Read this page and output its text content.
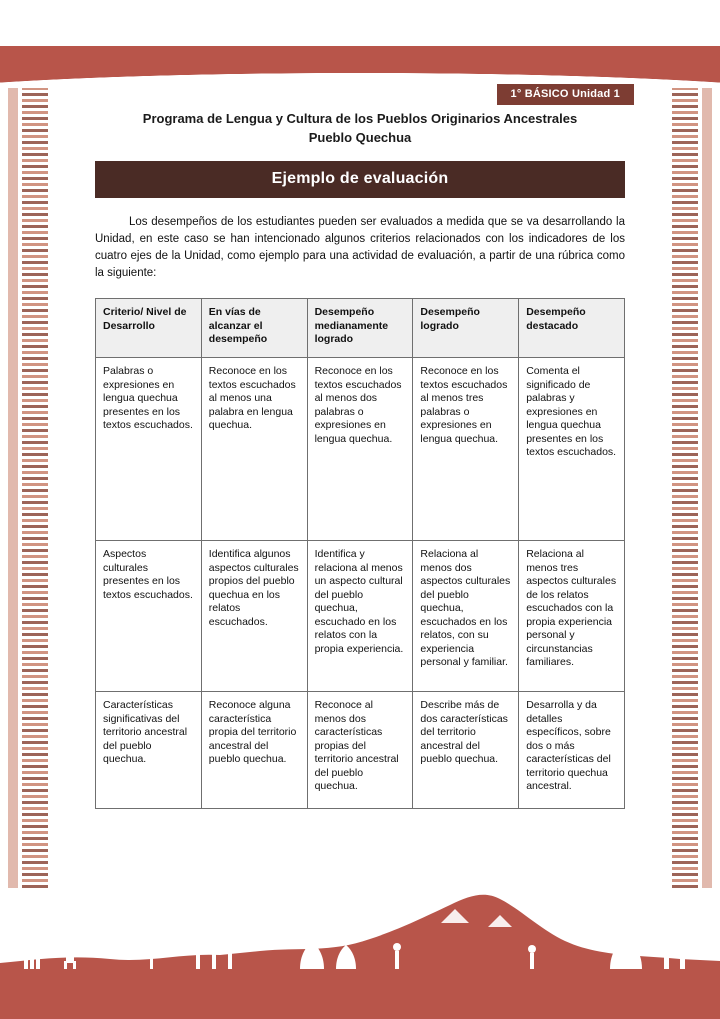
1° BÁSICO Unidad 1
Programa de Lengua y Cultura de los Pueblos Originarios Ancestrales
Pueblo Quechua
Ejemplo de evaluación

Los desempeños de los estudiantes pueden ser evaluados a medida que se va desarrollando la Unidad, en este caso se han intencionado algunos criterios relacionados con los indicadores de los cuatro ejes de la Unidad, como ejemplo para una actividad de evaluación, a partir de una rúbrica como la siguiente:

Criterio/ Nivel de Desarrollo	En vías de alcanzar el desempeño	Desempeño medianamente logrado	Desempeño logrado	Desempeño destacado
Palabras o expresiones en lengua quechua presentes en los textos escuchados.	Reconoce en los textos escuchados al menos una palabra en lengua quechua.	Reconoce en los textos escuchados al menos dos palabras o expresiones en lengua quechua.	Reconoce en los textos escuchados al menos tres palabras o expresiones en lengua quechua.	Comenta el significado de palabras y expresiones en lengua quechua presentes en los textos escuchados.
Aspectos culturales presentes en los textos escuchados.	Identifica algunos aspectos culturales propios del pueblo quechua en los relatos escuchados.	Identifica y relaciona al menos un aspecto cultural del pueblo quechua, escuchado en los relatos con la propia experiencia.	Relaciona al menos dos aspectos culturales del pueblo quechua, escuchados en los relatos, con su experiencia personal y familiar.	Relaciona al menos tres aspectos culturales de los relatos escuchados con la propia experiencia personal y circunstancias familiares.
Características significativas del territorio ancestral del pueblo quechua.	Reconoce alguna característica propia del territorio ancestral del pueblo quechua.	Reconoce al menos dos características propias del territorio ancestral del pueblo quechua.	Describe más de dos características del territorio ancestral del pueblo quechua.	Desarrolla y da detalles específicos, sobre dos o más características del territorio quechua ancestral.
